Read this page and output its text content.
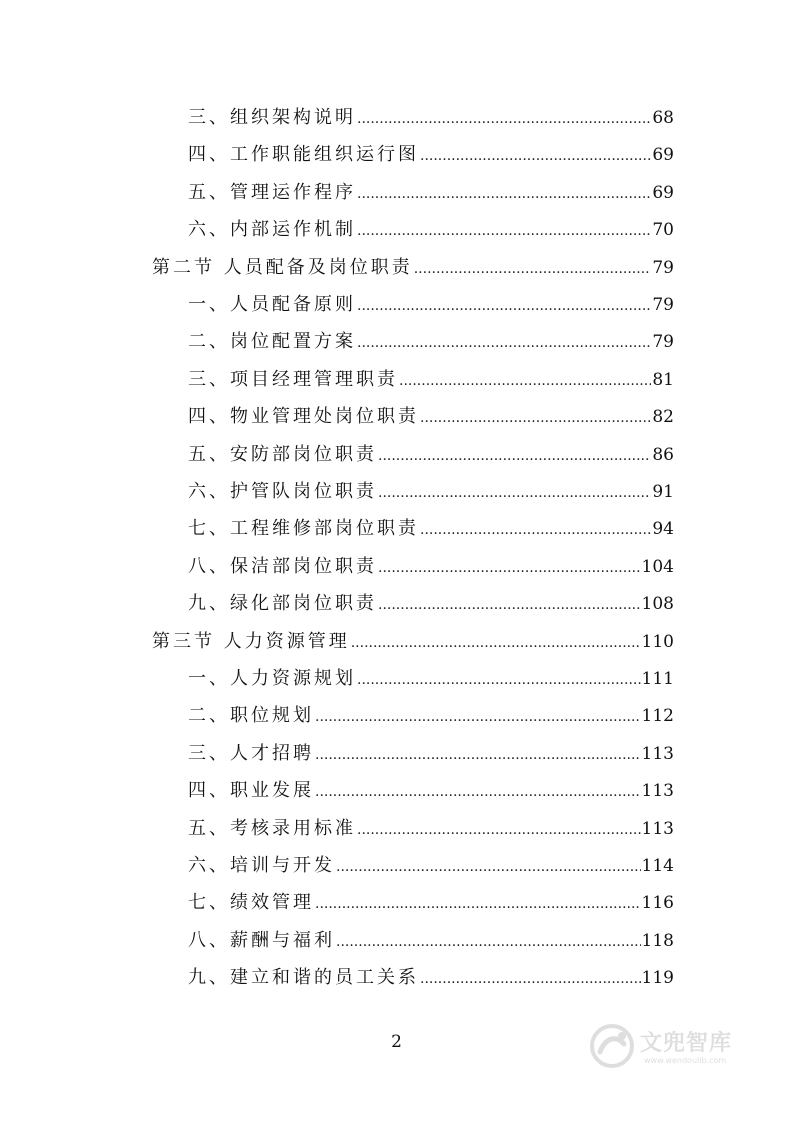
三、组织架构说明 .....	68
四、工作职能组织运行图 .....	69
五、管理运作程序 .....	69
六、内部运作机制 .....	70
第二节 人员配备及岗位职责 .....	79
一、人员配备原则 .....	79
二、岗位配置方案 .....	79
三、项目经理管理职责 .....	81
四、物业管理处岗位职责 .....	82
五、安防部岗位职责 .....	86
六、护管队岗位职责 .....	91
七、工程维修部岗位职责 .....	94
八、保洁部岗位职责 .....	104
九、绿化部岗位职责 .....	108
第三节 人力资源管理 .....	110
一、人力资源规划 .....	111
二、职位规划 .....	112
三、人才招聘 .....	113
四、职业发展 .....	113
五、考核录用标准 .....	113
六、培训与开发 .....	114
七、绩效管理 .....	116
八、薪酬与福利 .....	118
九、建立和谐的员工关系 .....	119
2	文兜智库
www.wendoulib.com
